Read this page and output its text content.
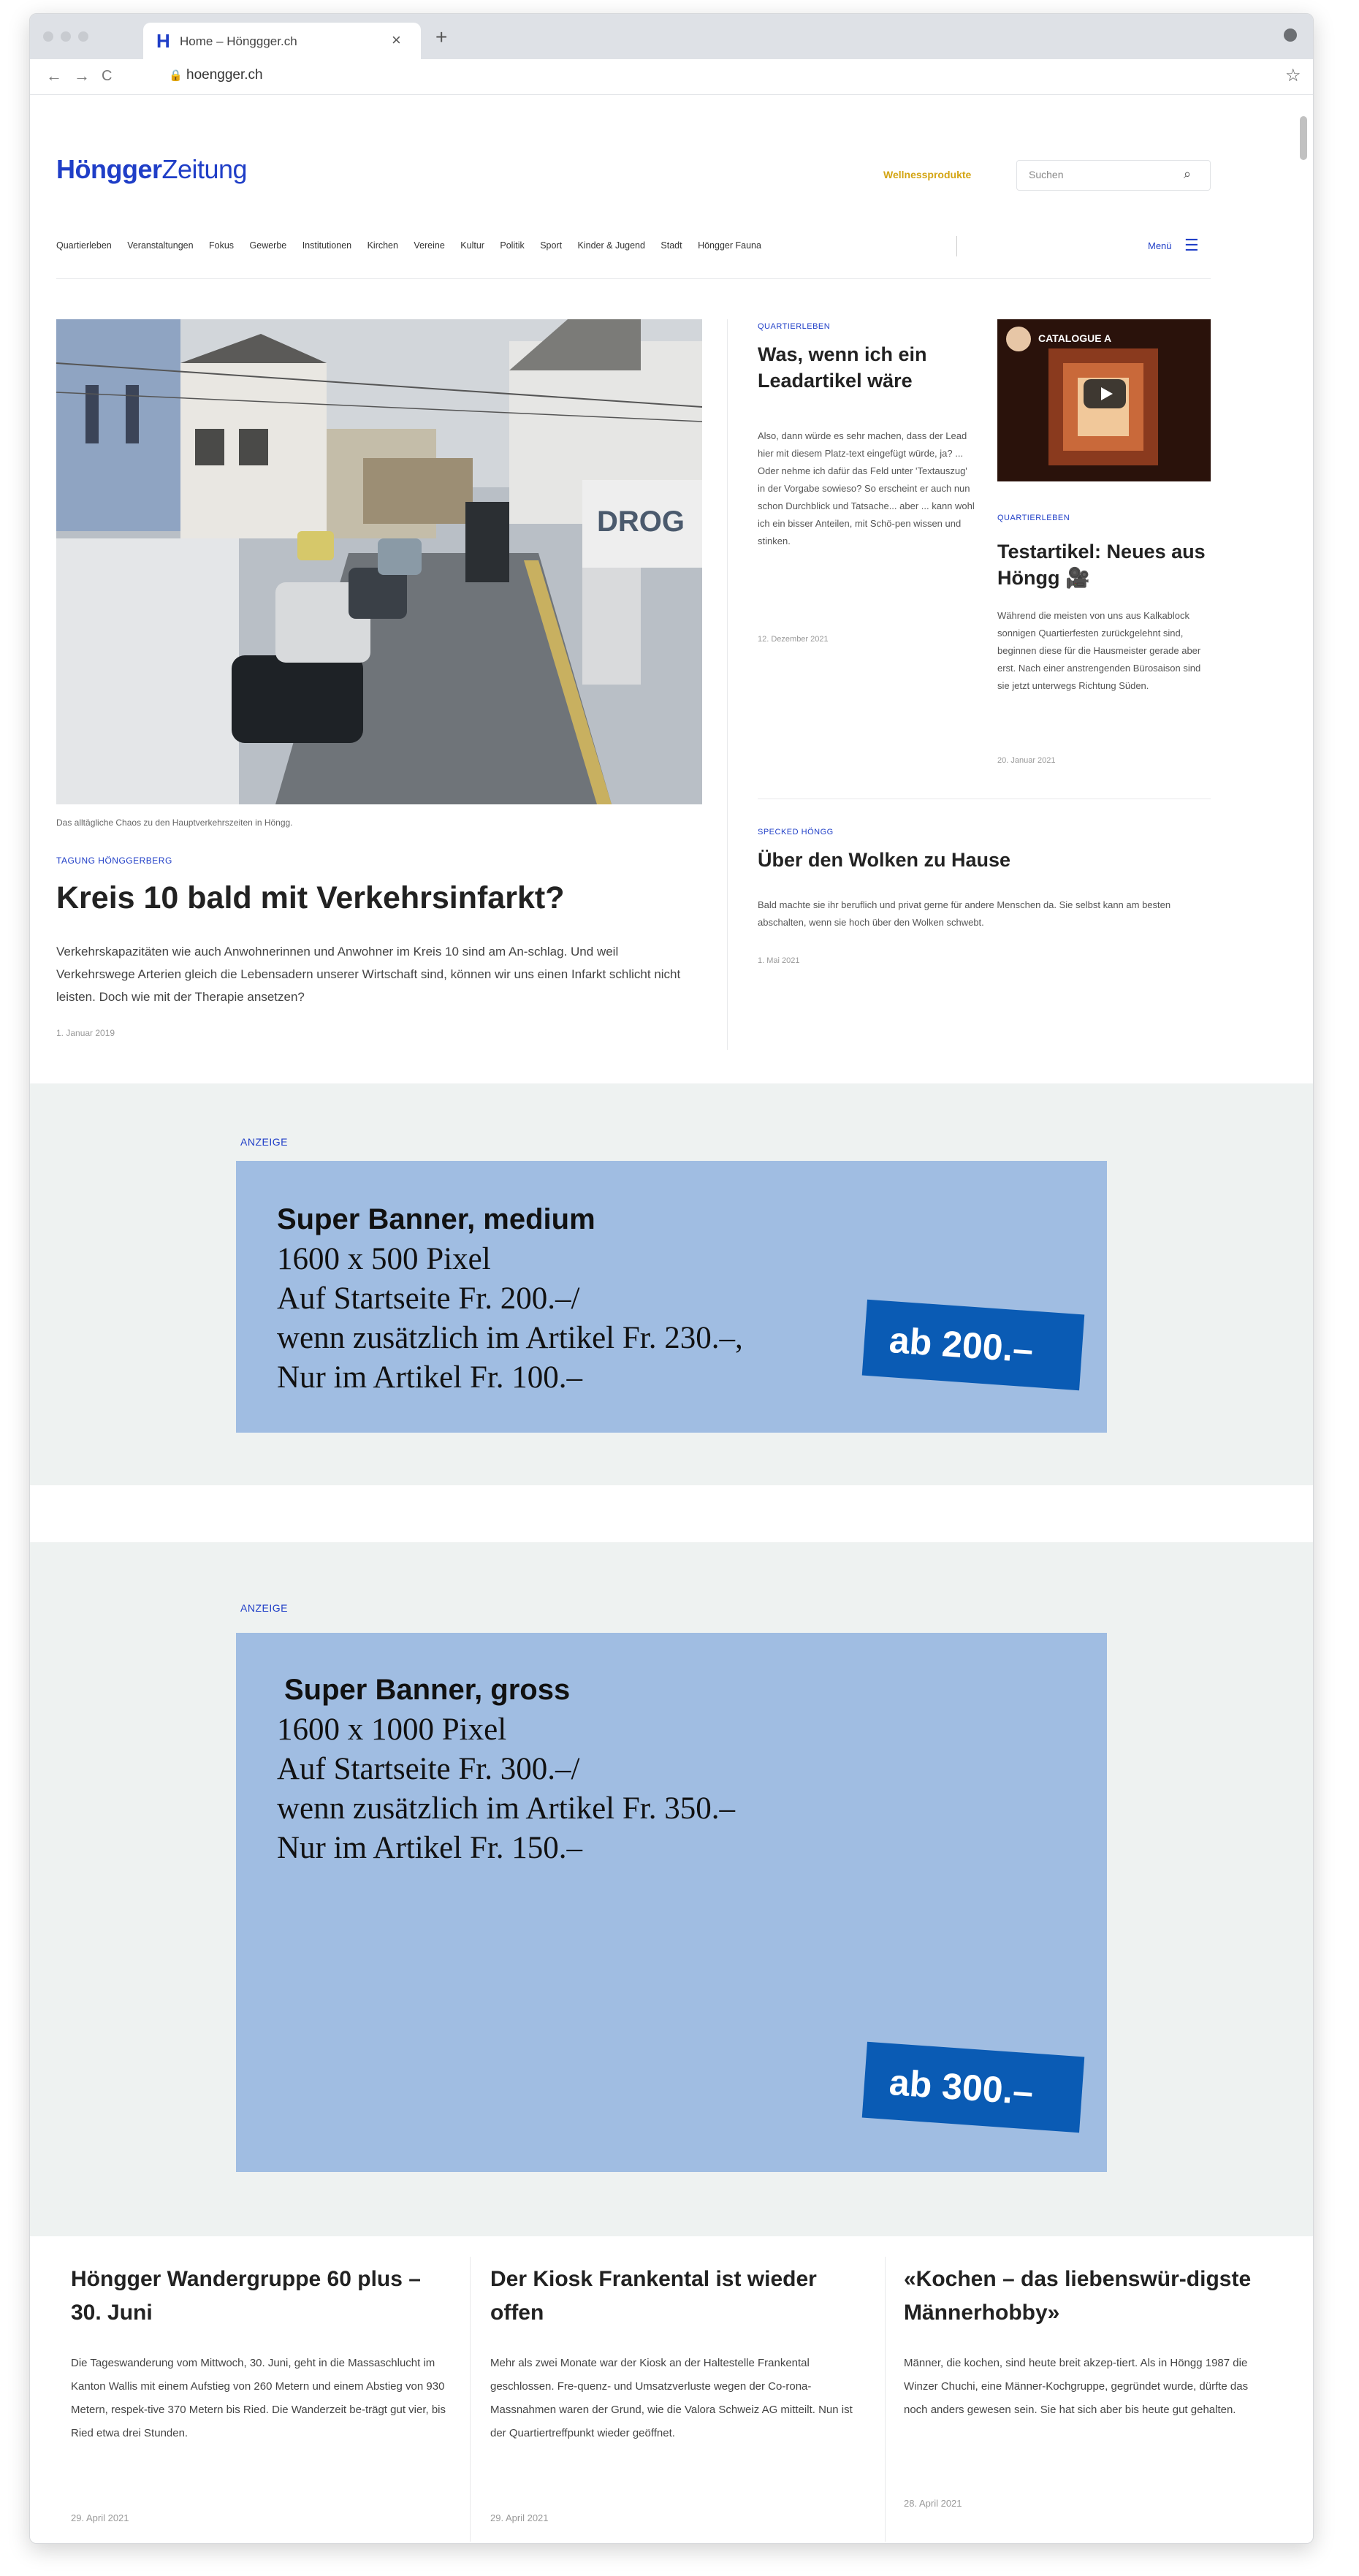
H Home – Hönggger.ch	× +
← → C	🔒 hoengger.ch	☆
HönggerZeitung	Wellnessprodukte	Suchen	⌕
Quartierleben Veranstaltungen Fokus Gewerbe Institutionen Kirchen Vereine Kultur Politik Sport Kinder & Jugend Stadt Höngger Fauna	Menü ☰
DROG
Das alltägliche Chaos zu den Hauptverkehrszeiten in Höngg.
TAGUNG HÖNGGERBERG
Kreis 10 bald mit Verkehrsinfarkt?
Verkehrskapazitäten wie auch Anwohnerinnen und Anwohner im Kreis 10 sind am An-schlag. Und weil Verkehrswege Arterien gleich die Lebensadern unserer Wirtschaft sind, können wir uns einen Infarkt schlicht nicht leisten. Doch wie mit der Therapie ansetzen?
1. Januar 2019
QUARTIERLEBEN
Was, wenn ich ein Leadartikel wäre
Also, dann würde es sehr machen, dass der Lead hier mit diesem Platz-text eingefügt würde, ja? ... Oder nehme ich dafür das Feld unter 'Textauszug' in der Vorgabe sowieso? So erscheint er auch nun schon Durchblick und Tatsache... aber ... kann wohl ich ein bisser Anteilen, mit Schö-pen wissen und stinken.
12. Dezember 2021
CATALOGUE A
QUARTIERLEBEN
Testartikel: Neues aus Höngg 🎥
Während die meisten von uns aus Kalkablock sonnigen Quartierfesten zurückgelehnt sind, beginnen diese für die Hausmeister gerade aber erst. Nach einer anstrengenden Bürosaison sind sie jetzt unterwegs Richtung Süden.
20. Januar 2021
SPECKED HÖNGG
Über den Wolken zu Hause
Bald machte sie ihr beruflich und privat gerne für andere Menschen da. Sie selbst kann am besten abschalten, wenn sie hoch über den Wolken schwebt.
1. Mai 2021
ANZEIGE
Super Banner, medium
1600 x 500 Pixel
Auf Startseite Fr. 200.–/
wenn zusätzlich im Artikel Fr. 230.–,
Nur im Artikel Fr. 100.–
ab 200.–
ANZEIGE
Super Banner, gross
1600 x 1000 Pixel
Auf Startseite Fr. 300.–/
wenn zusätzlich im Artikel Fr. 350.–
Nur im Artikel Fr. 150.–
ab 300.–
Höngger Wandergruppe 60 plus – 30. Juni
Die Tageswanderung vom Mittwoch, 30. Juni, geht in die Massaschlucht im Kanton Wallis mit einem Aufstieg von 260 Metern und einem Abstieg von 930 Metern, respek-tive 370 Metern bis Ried. Die Wanderzeit be-trägt gut vier, bis Ried etwa drei Stunden.
29. April 2021
Der Kiosk Frankental ist wieder offen
Mehr als zwei Monate war der Kiosk an der Haltestelle Frankental geschlossen. Fre-quenz- und Umsatzverluste wegen der Co-rona-Massnahmen waren der Grund, wie die Valora Schweiz AG mitteilt. Nun ist der Quartiertreffpunkt wieder geöffnet.
29. April 2021
«Kochen – das liebenswür-digste Männerhobby»
Männer, die kochen, sind heute breit akzep-tiert. Als in Höngg 1987 die Winzer Chuchi, eine Männer-Kochgruppe, gegründet wurde, dürfte das noch anders gewesen sein. Sie hat sich aber bis heute gut gehalten.
28. April 2021
